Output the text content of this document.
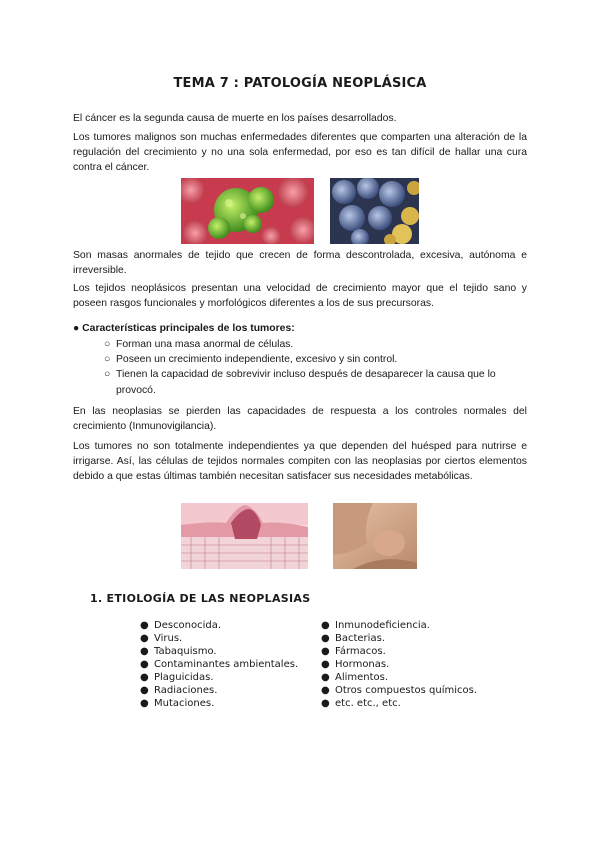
TEMA 7 : PATOLOGÍA NEOPLÁSICA

El cáncer es la segunda causa de muerte en los países desarrollados.

Los tumores malignos son muchas enfermedades diferentes que comparten una alteración de la regulación del crecimiento y no una sola enfermedad, por eso es tan difícil de hallar una cura contra el cáncer.

Son masas anormales de tejido que crecen de forma descontrolada, excesiva, autónoma e irreversible.

Los tejidos neoplásicos presentan una velocidad de crecimiento mayor que el tejido sano y poseen rasgos funcionales y morfológicos diferentes a los de sus precursoras.

● Características principales de los tumores:
○ Forman una masa anormal de células.
○ Poseen un crecimiento independiente, excesivo y sin control.
○ Tienen la capacidad de sobrevivir incluso después de desaparecer la causa que lo provocó.

En las neoplasias se pierden las capacidades de respuesta a los controles normales del crecimiento (Inmunovigilancia).

Los tumores no son totalmente independientes ya que dependen del huésped para nutrirse e irrigarse. Así, las células de tejidos normales compiten con las neoplasias por ciertos elementos debido a que estas últimas también necesitan satisfacer sus necesidades metabólicas.

1. ETIOLOGÍA DE LAS NEOPLASIAS
● Desconocida.
● Virus.
● Tabaquismo.
● Contaminantes ambientales.
● Plaguicidas.
● Radiaciones.
● Mutaciones.
● Inmunodeficiencia.
● Bacterias.
● Fármacos.
● Hormonas.
● Alimentos.
● Otros compuestos químicos.
● etc. etc., etc.
